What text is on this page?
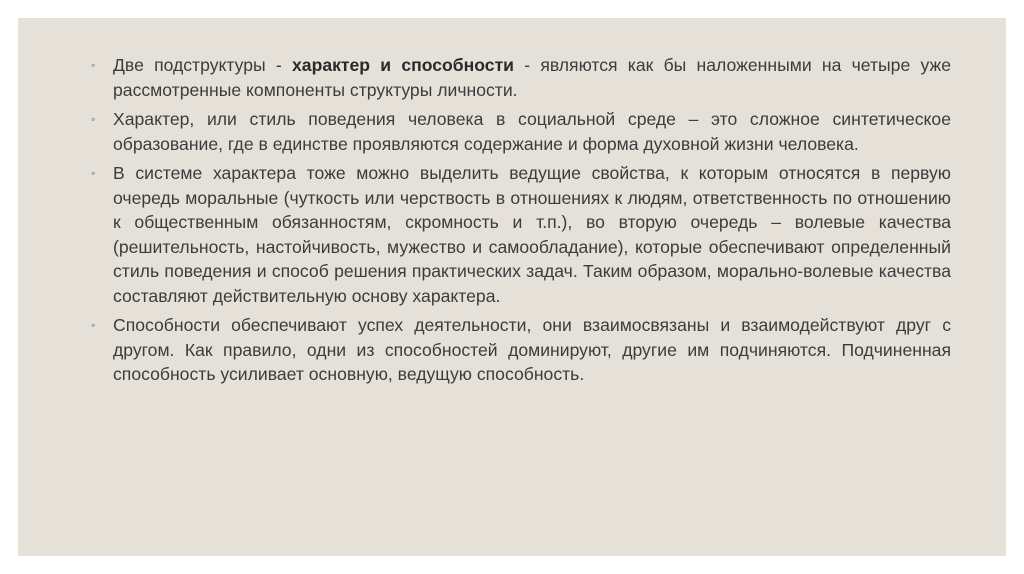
◦ Две подструктуры - характер и способности - являются как бы наложенными на четыре уже рассмотренные компоненты структуры личности.
◦ Характер, или стиль поведения человека в социальной среде – это сложное синтетическое образование, где в единстве проявляются содержание и форма духовной жизни человека.
◦ В системе характера тоже можно выделить ведущие свойства, к которым относятся в первую очередь моральные (чуткость или черствость в отношениях к людям, ответственность по отношению к общественным обязанностям, скромность и т.п.), во вторую очередь – волевые качества (решительность, настойчивость, мужество и самообладание), которые обеспечивают определенный стиль поведения и способ решения практических задач. Таким образом, морально-волевые качества составляют действительную основу характера.
◦ Способности обеспечивают успех деятельности, они взаимосвязаны и взаимодействуют друг с другом. Как правило, одни из способностей доминируют, другие им подчиняются. Подчиненная способность усиливает основную, ведущую способность.
